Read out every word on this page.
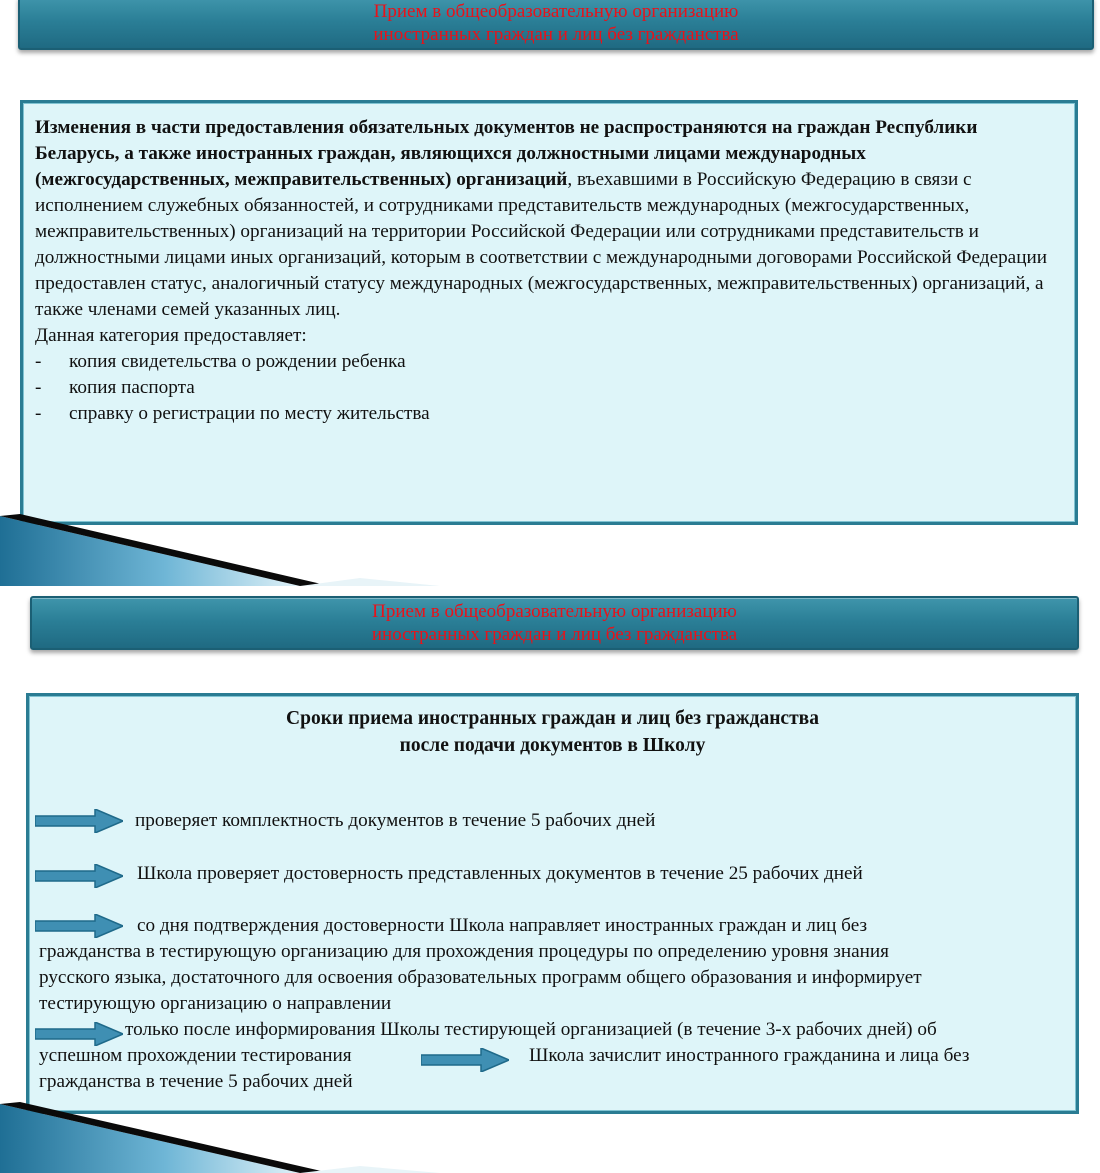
Прием в общеобразовательную организацию
иностранных граждан и лиц без гражданства

Изменения в части предоставления обязательных документов не распространяются на граждан Республики Беларусь, а также иностранных граждан, являющихся должностными лицами международных (межгосударственных, межправительственных) организаций, въехавшими в Российскую Федерацию в связи с исполнением служебных обязанностей, и сотрудниками представительств международных (межгосударственных, межправительственных) организаций на территории Российской Федерации или сотрудниками представительств и должностными лицами иных организаций, которым в соответствии с международными договорами Российской Федерации предоставлен статус, аналогичный статусу международных (межгосударственных, межправительственных) организаций, а также членами семей указанных лиц.

Данная категория предоставляет:

-	копия свидетельства о рождении ребенка
-	копия паспорта
-	справку о регистрации по месту жительства
Прием в общеобразовательную организацию
иностранных граждан и лиц без гражданства
Сроки приема иностранных граждан и лиц без гражданства
после подачи документов в Школу
проверяет комплектность документов в течение 5 рабочих дней
Школа проверяет достоверность представленных документов в течение 25 рабочих дней
со дня подтверждения достоверности Школа направляет иностранных граждан и лиц без
гражданства в тестирующую организацию для прохождения процедуры по определению уровня знания
русского языка, достаточного для освоения образовательных программ общего образования и информирует
тестирующую организацию о направлении
только после информирования Школы тестирующей организацией (в течение 3-х рабочих дней) об
успешном прохождении тестирования	Школа зачислит иностранного гражданина и лица без
гражданства в течение 5 рабочих дней
